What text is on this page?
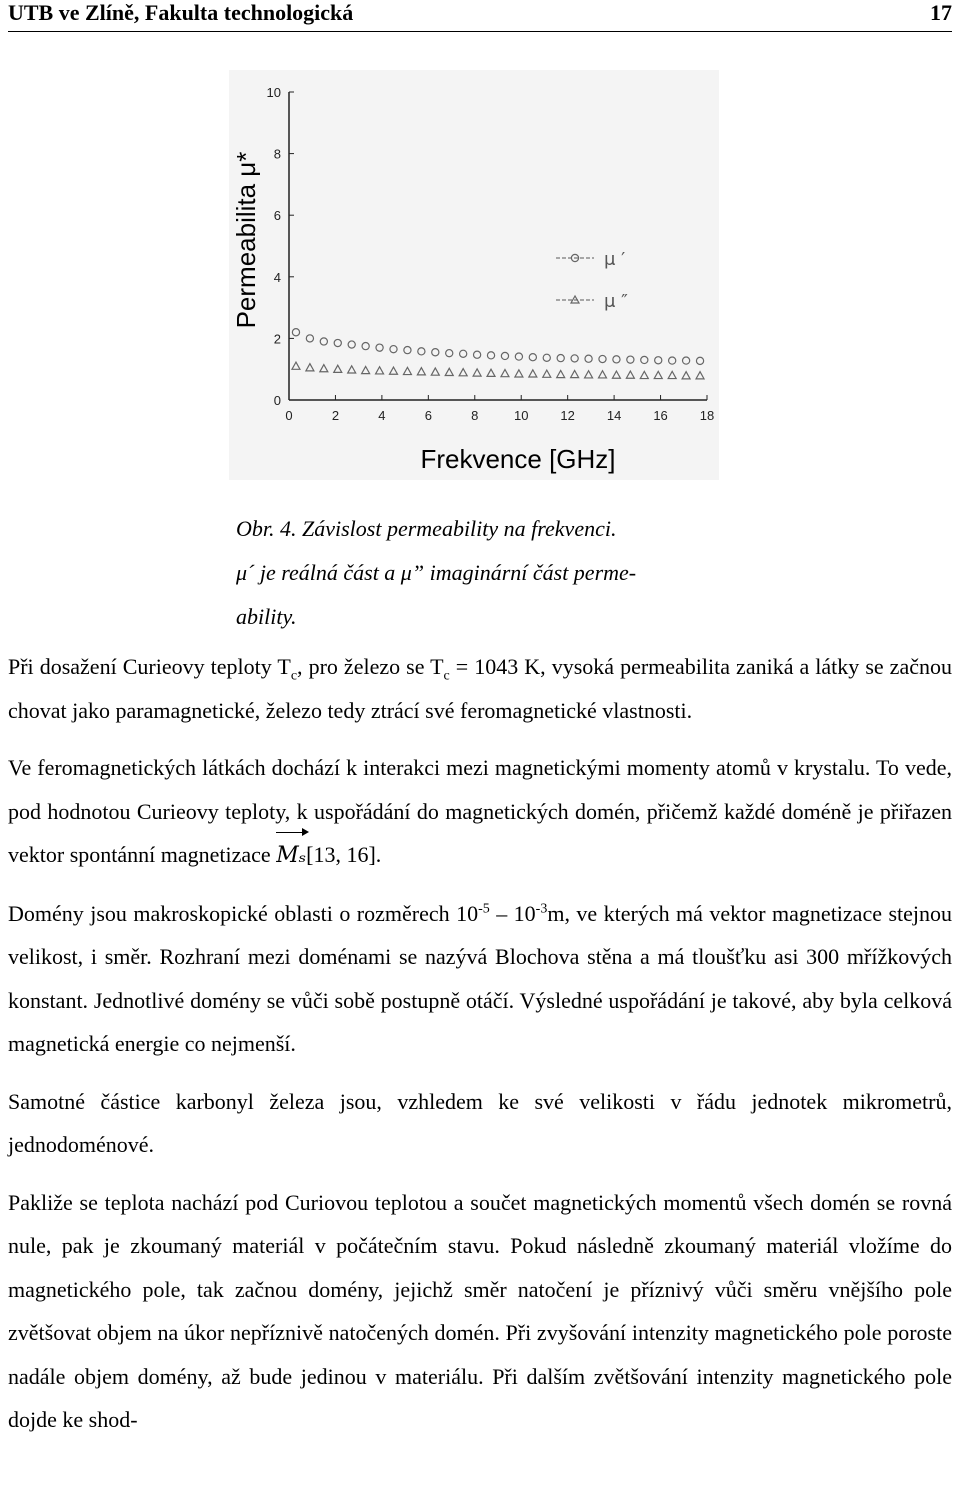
UTB ve Zlíně, Fakulta technologická	17
0
2
4
6
8
10
0	2	4	6	8	10 12 14 16 18
μ ′
μ ″
Permeabilita μ*
Frekvence [GHz]
Obr. 4. Závislost permeability na frekvenci.
μ´ je reálná část a μ” imaginární část perme-
ability.

Při dosažení Curieovy teploty $T_c$, pro železo se $T_c = 1043$ K, vysoká permeabilita zaniká a látky se začnou chovat jako paramagnetické, železo tedy ztrácí své feromagnetické vlastnosti.

Ve feromagnetických látkách dochází k interakci mezi magnetickými momenty atomů v krystalu. To vede, pod hodnotou Curieovy teploty, k uspořádání do magnetických domén, přičemž každé doméně je přiřazen vektor spontánní magnetizace Mₛ[13, 16].

Domény jsou makroskopické oblasti o rozměrech $10^{-5} - 10^{-3}m$, ve kterých má vektor magnetizace stejnou velikost, i směr. Rozhraní mezi doménami se nazývá Blochova stěna a má tloušťku asi 300 mřížkových konstant. Jednotlivé domény se vůči sobě postupně otáčí. Výsledné uspořádání je takové, aby byla celková magnetická energie co nejmenší.

Samotné částice karbonyl železa jsou, vzhledem ke své velikosti v řádu jednotek mikrometrů, jednodoménové.

Pakliže se teplota nachází pod Curiovou teplotou a součet magnetických momentů všech domén se rovná nule, pak je zkoumaný materiál v počátečním stavu. Pokud následně zkoumaný materiál vložíme do magnetického pole, tak začnou domény, jejichž směr natočení je příznivý vůči směru vnějšího pole zvětšovat objem na úkor nepříznivě natočených domén. Při zvyšování intenzity magnetického pole poroste nadále objem domény, až bude jedinou v materiálu. Při dalším zvětšování intenzity magnetického pole dojde ke shod-
